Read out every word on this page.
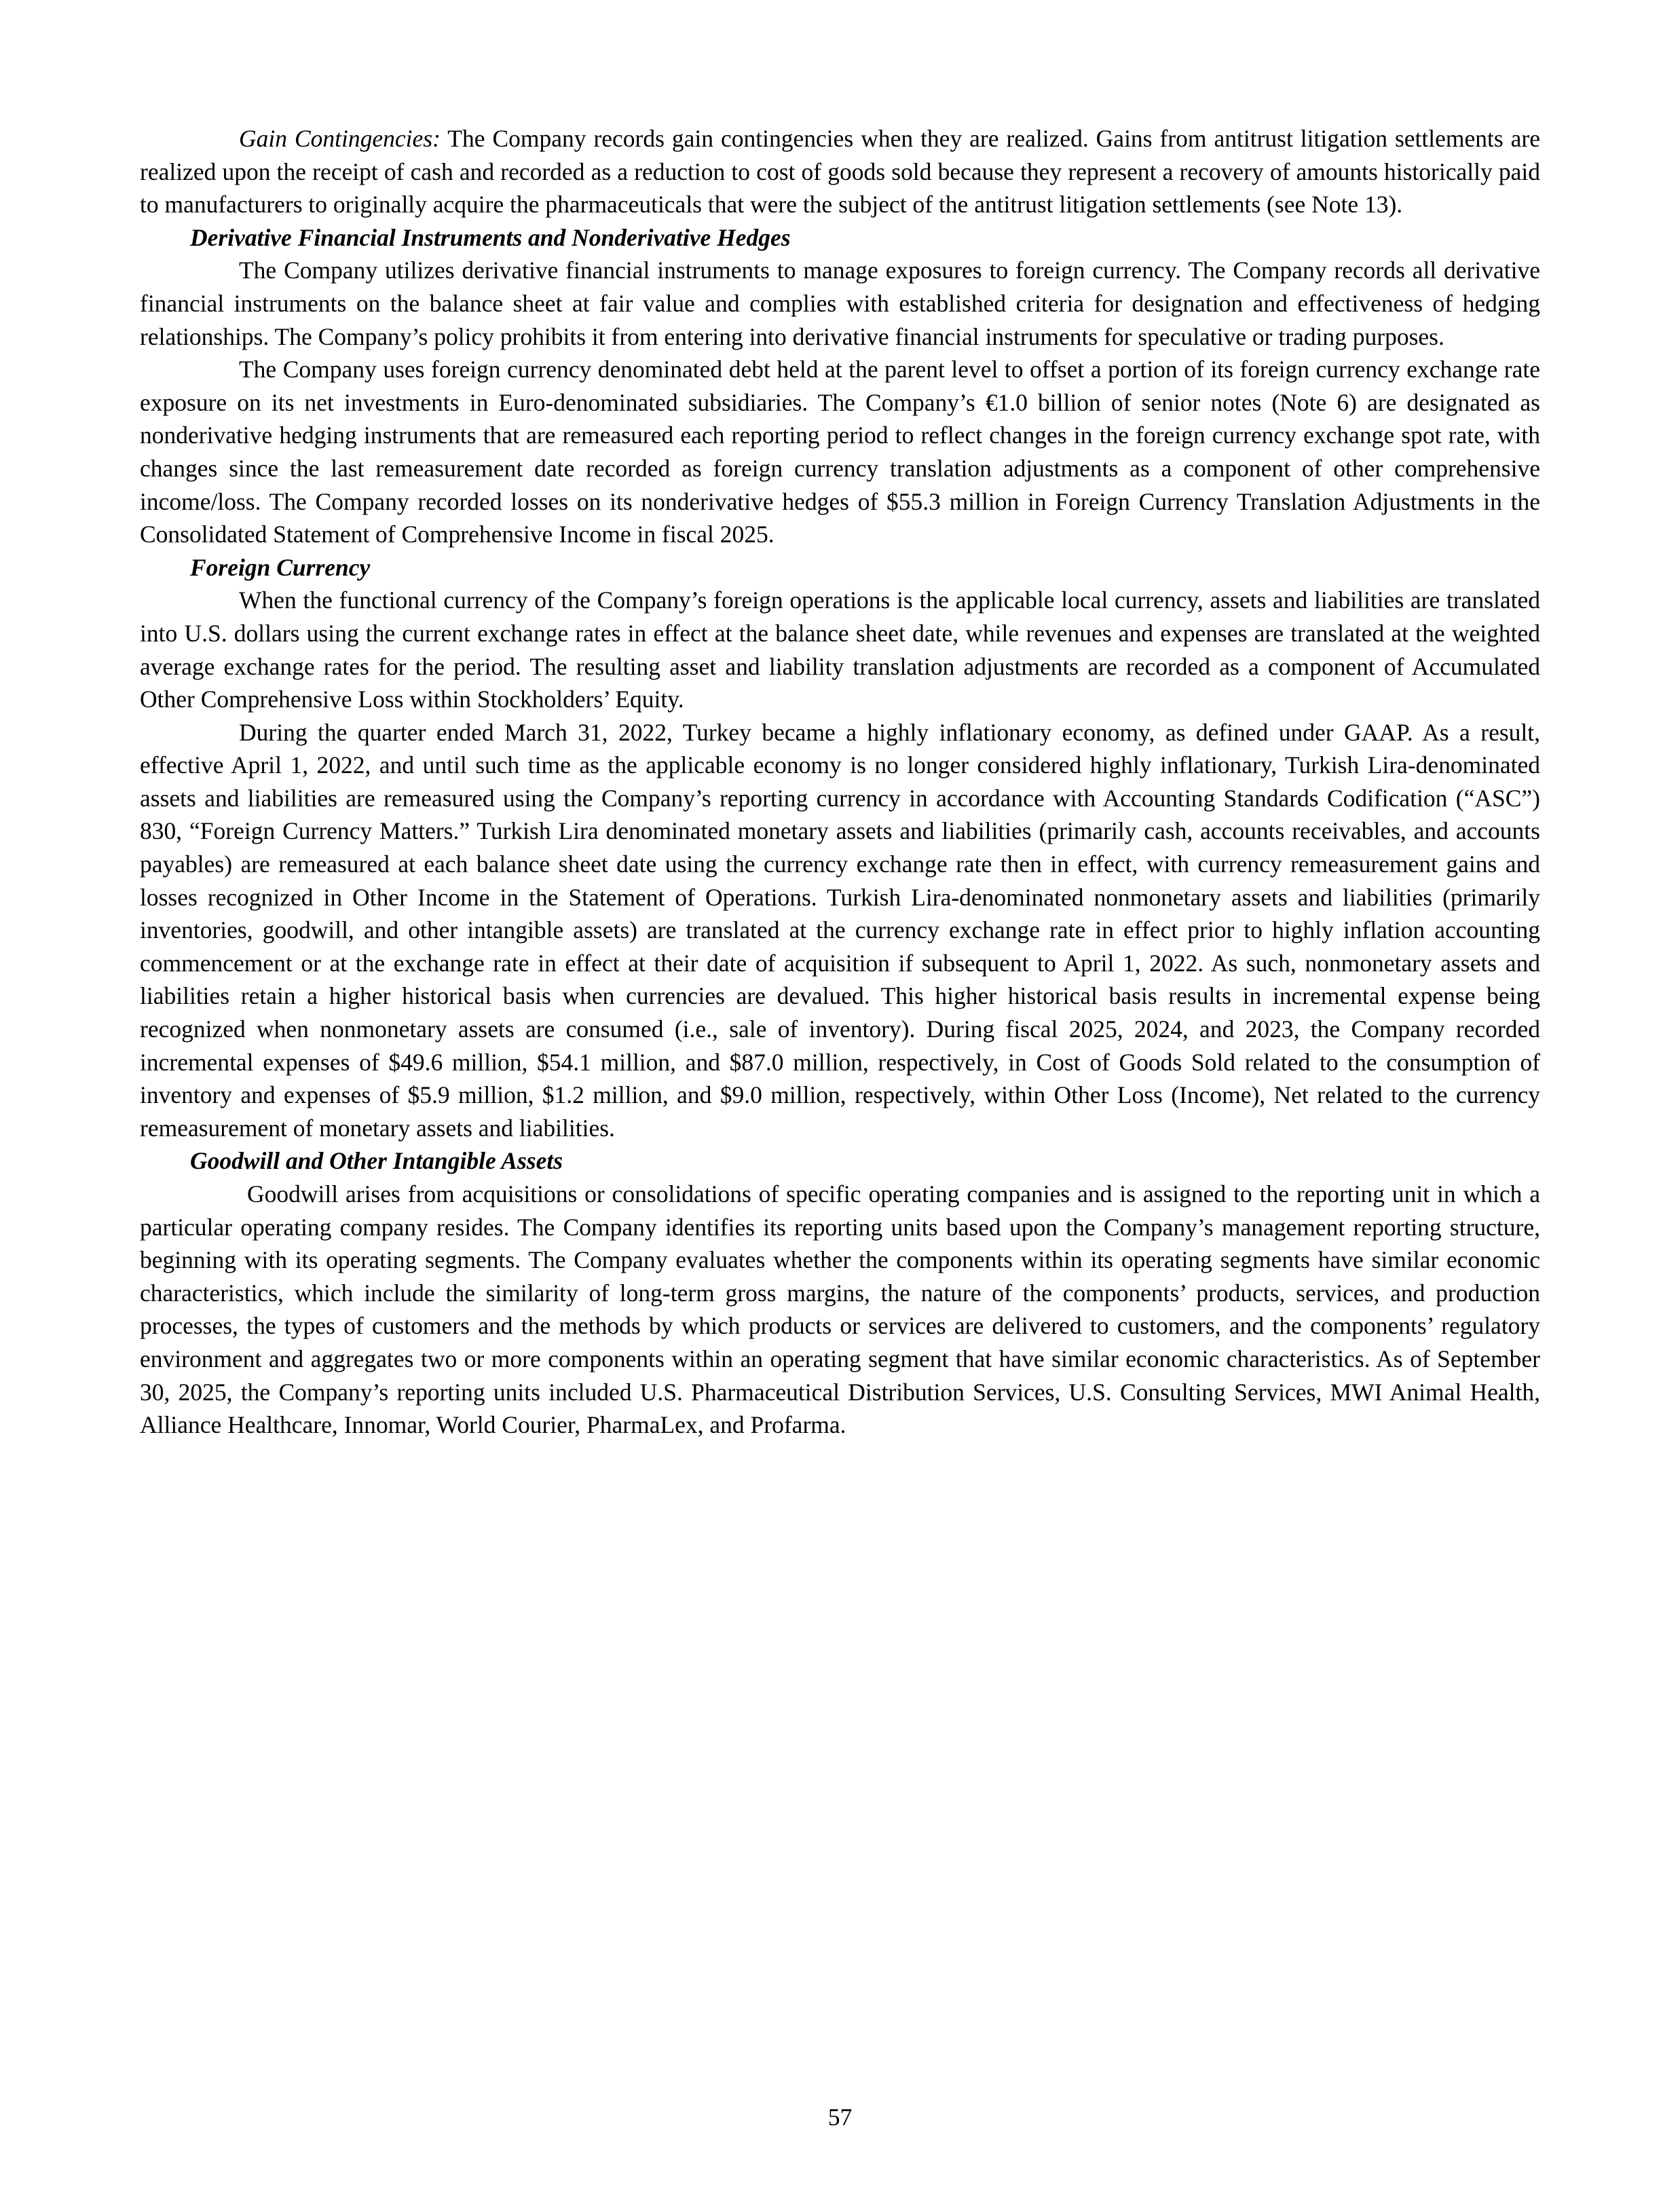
Gain Contingencies: The Company records gain contingencies when they are realized. Gains from antitrust litigation settlements are realized upon the receipt of cash and recorded as a reduction to cost of goods sold because they represent a recovery of amounts historically paid to manufacturers to originally acquire the pharmaceuticals that were the subject of the antitrust litigation settlements (see Note 13).

Derivative Financial Instruments and Nonderivative Hedges

The Company utilizes derivative financial instruments to manage exposures to foreign currency. The Company records all derivative financial instruments on the balance sheet at fair value and complies with established criteria for designation and effectiveness of hedging relationships. The Company’s policy prohibits it from entering into derivative financial instruments for speculative or trading purposes.

The Company uses foreign currency denominated debt held at the parent level to offset a portion of its foreign currency exchange rate exposure on its net investments in Euro-denominated subsidiaries. The Company’s €1.0 billion of senior notes (Note 6) are designated as nonderivative hedging instruments that are remeasured each reporting period to reflect changes in the foreign currency exchange spot rate, with changes since the last remeasurement date recorded as foreign currency translation adjustments as a component of other comprehensive income/loss. The Company recorded losses on its nonderivative hedges of $55.3 million in Foreign Currency Translation Adjustments in the Consolidated Statement of Comprehensive Income in fiscal 2025.

Foreign Currency

When the functional currency of the Company’s foreign operations is the applicable local currency, assets and liabilities are translated into U.S. dollars using the current exchange rates in effect at the balance sheet date, while revenues and expenses are translated at the weighted average exchange rates for the period. The resulting asset and liability translation adjustments are recorded as a component of Accumulated Other Comprehensive Loss within Stockholders’ Equity.

During the quarter ended March 31, 2022, Turkey became a highly inflationary economy, as defined under GAAP. As a result, effective April 1, 2022, and until such time as the applicable economy is no longer considered highly inflationary, Turkish Lira-denominated assets and liabilities are remeasured using the Company’s reporting currency in accordance with Accounting Standards Codification (“ASC”) 830, “Foreign Currency Matters.” Turkish Lira denominated monetary assets and liabilities (primarily cash, accounts receivables, and accounts payables) are remeasured at each balance sheet date using the currency exchange rate then in effect, with currency remeasurement gains and losses recognized in Other Income in the Statement of Operations. Turkish Lira-denominated nonmonetary assets and liabilities (primarily inventories, goodwill, and other intangible assets) are translated at the currency exchange rate in effect prior to highly inflation accounting commencement or at the exchange rate in effect at their date of acquisition if subsequent to April 1, 2022. As such, nonmonetary assets and liabilities retain a higher historical basis when currencies are devalued. This higher historical basis results in incremental expense being recognized when nonmonetary assets are consumed (i.e., sale of inventory). During fiscal 2025, 2024, and 2023, the Company recorded incremental expenses of $49.6 million, $54.1 million, and $87.0 million, respectively, in Cost of Goods Sold related to the consumption of inventory and expenses of $5.9 million, $1.2 million, and $9.0 million, respectively, within Other Loss (Income), Net related to the currency remeasurement of monetary assets and liabilities.

Goodwill and Other Intangible Assets

Goodwill arises from acquisitions or consolidations of specific operating companies and is assigned to the reporting unit in which a particular operating company resides. The Company identifies its reporting units based upon the Company’s management reporting structure, beginning with its operating segments. The Company evaluates whether the components within its operating segments have similar economic characteristics, which include the similarity of long-term gross margins, the nature of the components’ products, services, and production processes, the types of customers and the methods by which products or services are delivered to customers, and the components’ regulatory environment and aggregates two or more components within an operating segment that have similar economic characteristics. As of September 30, 2025, the Company’s reporting units included U.S. Pharmaceutical Distribution Services, U.S. Consulting Services, MWI Animal Health, Alliance Healthcare, Innomar, World Courier, PharmaLex, and Profarma.

57
